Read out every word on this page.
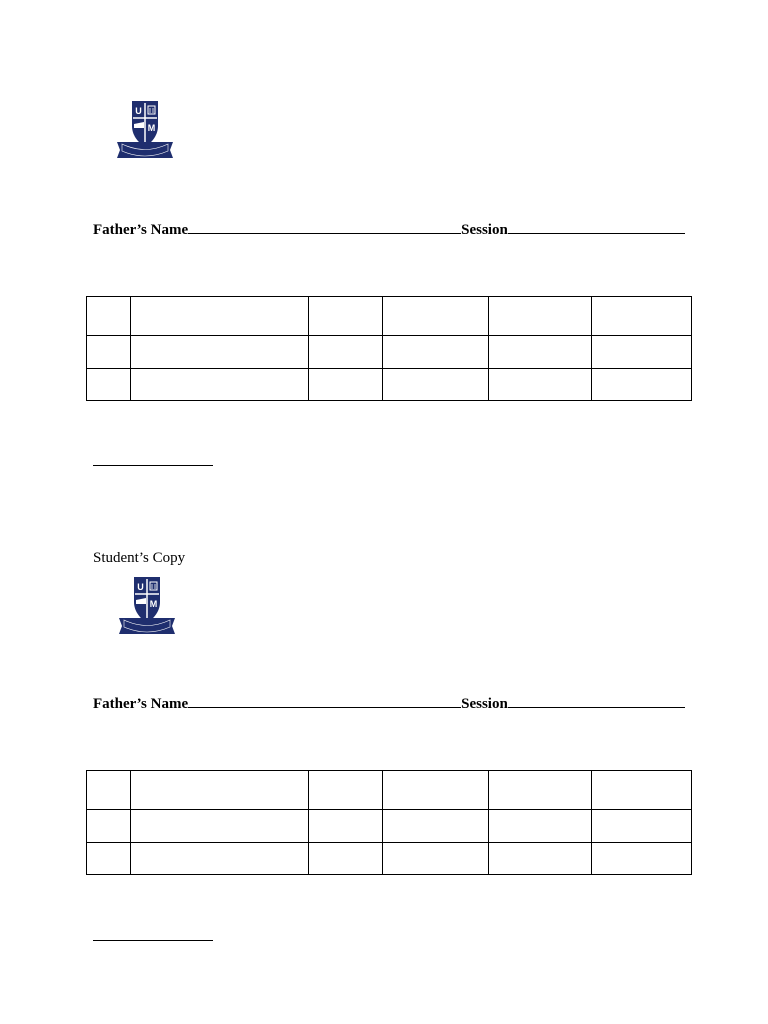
U
M
Father’s Name	Session

Student’s Copy
U
M
Father’s Name	Session
